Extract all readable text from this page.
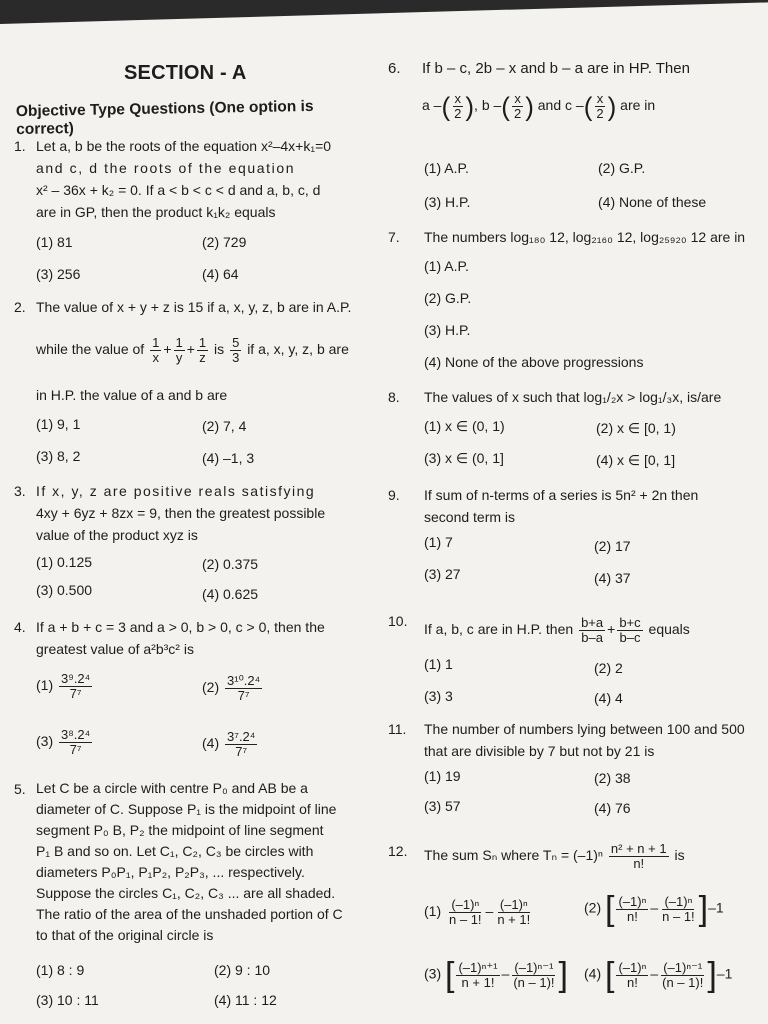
SECTION - A
Objective Type Questions (One option is correct)
1. Let a, b be the roots of the equation x²–4x+k₁=0
and c, d the roots of the equation
x² – 36x + k₂ = 0. If a < b < c < d and a, b, c, d
are in GP, then the product k₁k₂ equals
(1) 81	(2) 729
(3) 256	(4) 64
2. The value of x + y + z is 15 if a, x, y, z, b are in A.P.
while the value of $\frac{1}{x} + \frac{1}{y} + \frac{1}{z}$ is $\frac{5}{3}$ if a, x, y, z, b are
in H.P. the value of a and b are
(1) 9, 1	(2) 7, 4
(3) 8, 2	(4) –1, 3
3. If x, y, z are positive reals satisfying
4xy + 6yz + 8zx = 9, then the greatest possible
value of the product xyz is
(1) 0.125	(2) 0.375
(3) 0.500	(4) 0.625
4. If a + b + c = 3 and a > 0, b > 0, c > 0, then the
greatest value of a²b³c² is
$(1) \frac{\text{3⁹.2⁴}}{\text{7⁷}}$	$(2) \frac{\text{3¹⁰.2⁴}}{\text{7⁷}}$
$(3) \frac{\text{3⁸.2⁴}}{\text{7⁷}}$	$(4) \frac{\text{3⁷.2⁴}}{\text{7⁷}}$
5. Let C be a circle with centre P₀ and AB be a
diameter of C. Suppose P₁ is the midpoint of line
segment P₀ B, P₂ the midpoint of line segment
P₁ B and so on. Let C₁, C₂, C₃ be circles with
diameters P₀P₁, P₁P₂, P₂P₃, ... respectively.
Suppose the circles C₁, C₂, C₃ ... are all shaded.
The ratio of the area of the unshaded portion of C
to that of the original circle is
(1) 8 : 9	(2) 9 : 10
(3) 10 : 11	(4) 11 : 12
6.	If b – c, 2b – x and b – a are in HP. Then
a –( $\frac{x}{2}$ ), b –( $\frac{x}{2}$ ) and c –( $\frac{x}{2}$ ) are in
(1) A.P.	(2) G.P.
(3) H.P.	(4) None of these
7.	The numbers log₁₈₀ 12, log₂₁₆₀ 12, log₂₅₉₂₀ 12 are in
(1) A.P.
(2) G.P.
(3) H.P.
(4) None of the above progressions
8.	The values of x such that log₁/₂x > log₁/₃x, is/are
(1) x ∈ (0, 1)	(2) x ∈ [0, 1)
(3) x ∈ (0, 1]	(4) x ∈ [0, 1]
9.	If sum of n-terms of a series is 5n² + 2n then
second term is
(1) 7	(2) 17
(3) 27	(4) 37
10.
If a, b, c are in H.P. then $\frac{b+a}{b-a} + \frac{b+c}{b-c}$ equals
(1) 1	(2) 2
(3) 3	(4) 4
11.	The number of numbers lying between 100 and 500
that are divisible by 7 but not by 21 is
(1) 19	(2) 38
(3) 57	(4) 76
12.	The sum Sₙ where $T_n = (-1)^n \frac{\text{n² + n + 1}}{n!}$ is
$(1) \frac{\text{(–1)ⁿ}}{n - 1!} - \frac{\text{(–1)ⁿ}}{n + 1!}$	(2) [ $\frac{\text{(–1)ⁿ}}{n!} - \frac{\text{(–1)ⁿ}}{n - 1!} ]-1$
(3) [ $\frac{\text{(–1)ⁿ⁺¹}}{n + 1!} - \frac{\text{(–1)ⁿ⁻¹}}{(n - 1)!}$ ] (4) [ $\frac{\text{(–1)ⁿ}}{n!} - \frac{\text{(–1)ⁿ⁻¹}}{(n - 1)!} ]-1$
